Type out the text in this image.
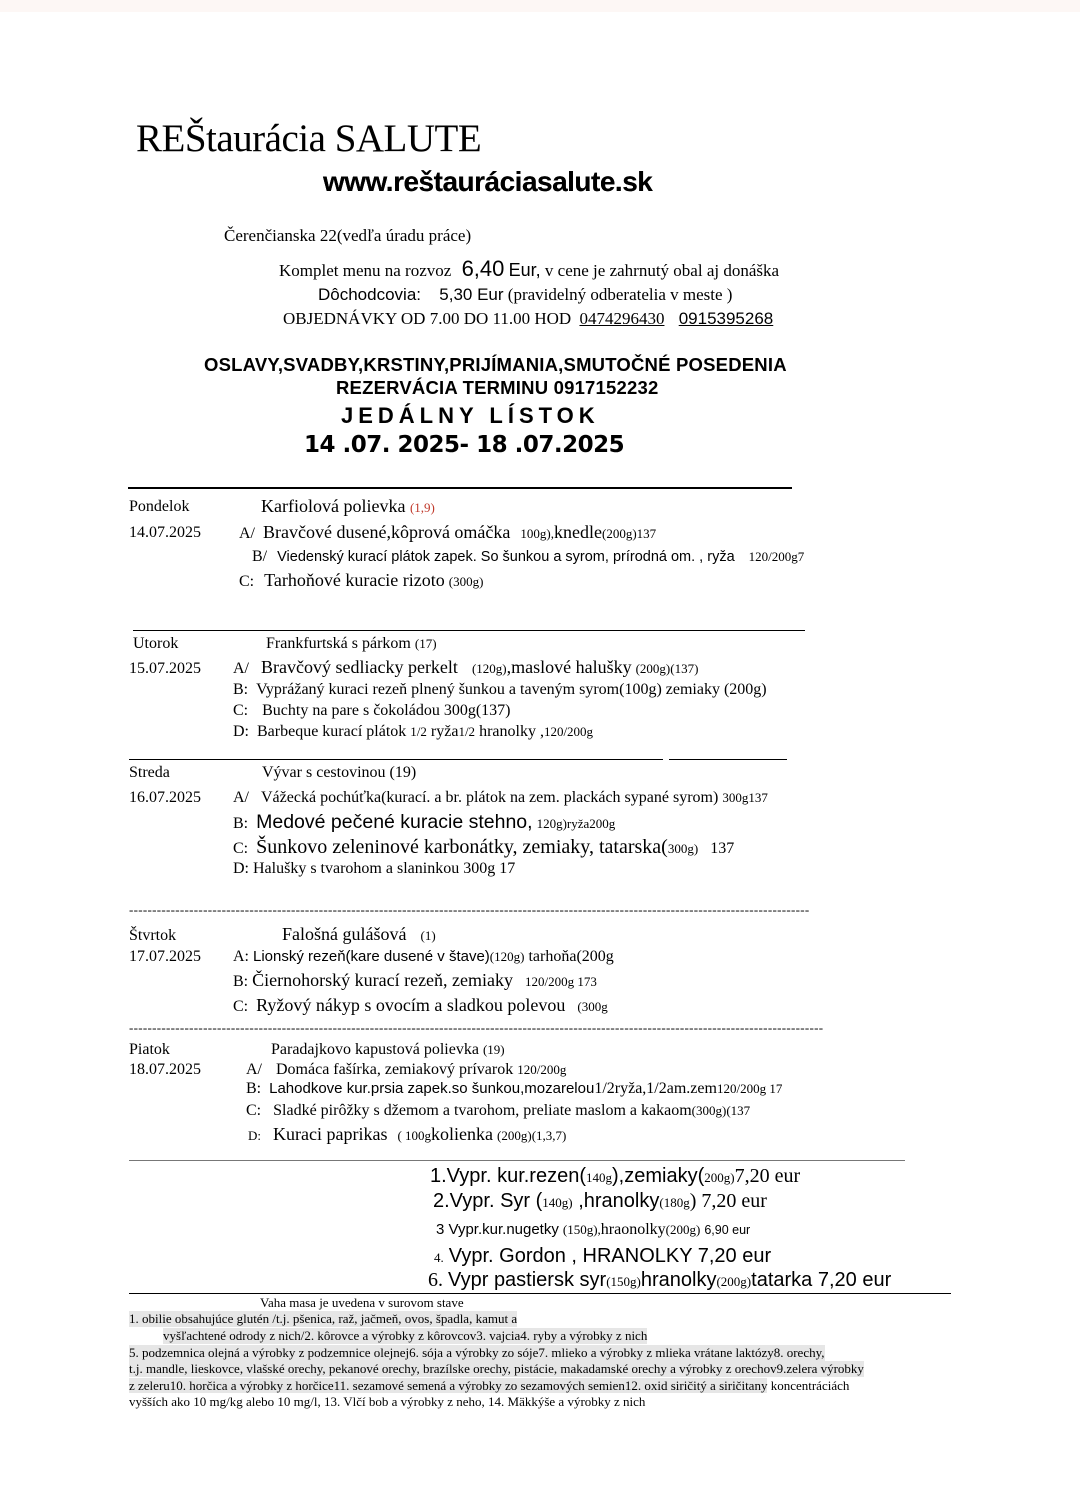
REŠtaurácia SALUTE
www.reštauráciasalute.sk
Čerenčianska 22(vedľa úradu práce)
Komplet menu na rozvoz 6,40 Eur, v cene je zahrnutý obal aj donáška
Dôchodcovia: 5,30 Eur (pravidelný odberatelia v meste )
OBJEDNÁVKY OD 7.00 DO 11.00 HOD 0474296430 0915395268
OSLAVY,SVADBY,KRSTINY,PRIJÍMANIA,SMUTOČNÉ POSEDENIA
REZERVÁCIA TERMINU 0917152232
JEDÁLNY LÍSTOK
14 .07. 2025- 18 .07.2025
Pondelok	Karfiolová polievka (1,9)
14.07.2025 A/ Bravčové dusené,kôprová omáčka 100g),knedle(200g)137
B/ Viedenský kurací plátok zapek. So šunkou a syrom, prírodná om. , ryža 120/200g7
C: Tarhoňové kuracie rizoto (300g)
Utorok	Frankfurtská s párkom (17)
15.07.2025 A/ Bravčový sedliacky perkelt (120g),maslové halušky (200g)(137)
B: Vyprážaný kuraci rezeň plnený šunkou a taveným syrom(100g) zemiaky (200g)
C: Buchty na pare s čokoládou 300g(137)
D: Barbeque kurací plátok 1/2 ryža1/2 hranolky ,120/200g
Streda	Vývar s cestovinou (19)
16.07.2025 A/ Vážecká pochúťka(kurací. a br. plátok na zem. plackách sypané syrom) 300g137
B: Medové pečené kuracie stehno, 120g)ryža200g
C: Šunkovo zeleninové karbonátky, zemiaky, tatarska(300g) 137
D: Halušky s tvarohom a slaninkou 300g 17
---------------------------------------------------------------------------------------------------------------------------------------------------
Štvrtok	Falošná gulášová (1)
17.07.2025 A: Lionský rezeň(kare dusené v štave)(120g) tarhoňa(200g
B: Čiernohorský kurací rezeň, zemiaky 120/200g 173
C: Ryžový nákyp s ovocím a sladkou polevou (300g
------------------------------------------------------------------------------------------------------------------------------------------------------
Piatok	Paradajkovo kapustová polievka (19)
18.07.2025	A/ Domáca fašírka, zemiakový prívarok 120/200g
B: Lahodkove kur.prsia zapek.so šunkou,mozarelou1/2ryža,1/2am.zem120/200g 17
C: Sladké pirôžky s džemom a tvarohom, preliate maslom a kakaom(300g)(137
D: Kuraci paprikas ( 100gkolienka (200g)(1,3,7)
1.Vypr. kur.rezen(140g),zemiaky(200g)7,20 eur
2.Vypr. Syr (140g) ,hranolky(180g) 7,20 eur
3 Vypr.kur.nugetky (150g),hraonolky(200g) 6,90 eur
4. Vypr. Gordon , HRANOLKY 7,20 eur
6. Vypr pastiersk syr(150g)hranolky(200g)tatarka 7,20 eur
Vaha masa je uvedena v surovom stave
1. obilie obsahujúce glutén /t.j. pšenica, raž, jačmeň, ovos, špadla, kamut a
vyšľachtené odrody z nich/2. kôrovce a výrobky z kôrovcov3. vajcia4. ryby a výrobky z nich
5. podzemnica olejná a výrobky z podzemnice olejnej6. sója a výrobky zo sóje7. mlieko a výrobky z mlieka vrátane laktózy8. orechy,
t.j. mandle, lieskovce, vlašské orechy, pekanové orechy, brazílske orechy, pistácie, makadamské orechy a výrobky z orechov9.zelera výrobky
z zeleru10. horčica a výrobky z horčice11. sezamové semená a výrobky zo sezamových semien12. oxid siričitý a siričitany koncentráciách
vyšších ako 10 mg/kg alebo 10 mg/l, 13. Vlčí bob a výrobky z neho, 14. Mäkkýše a výrobky z nich
